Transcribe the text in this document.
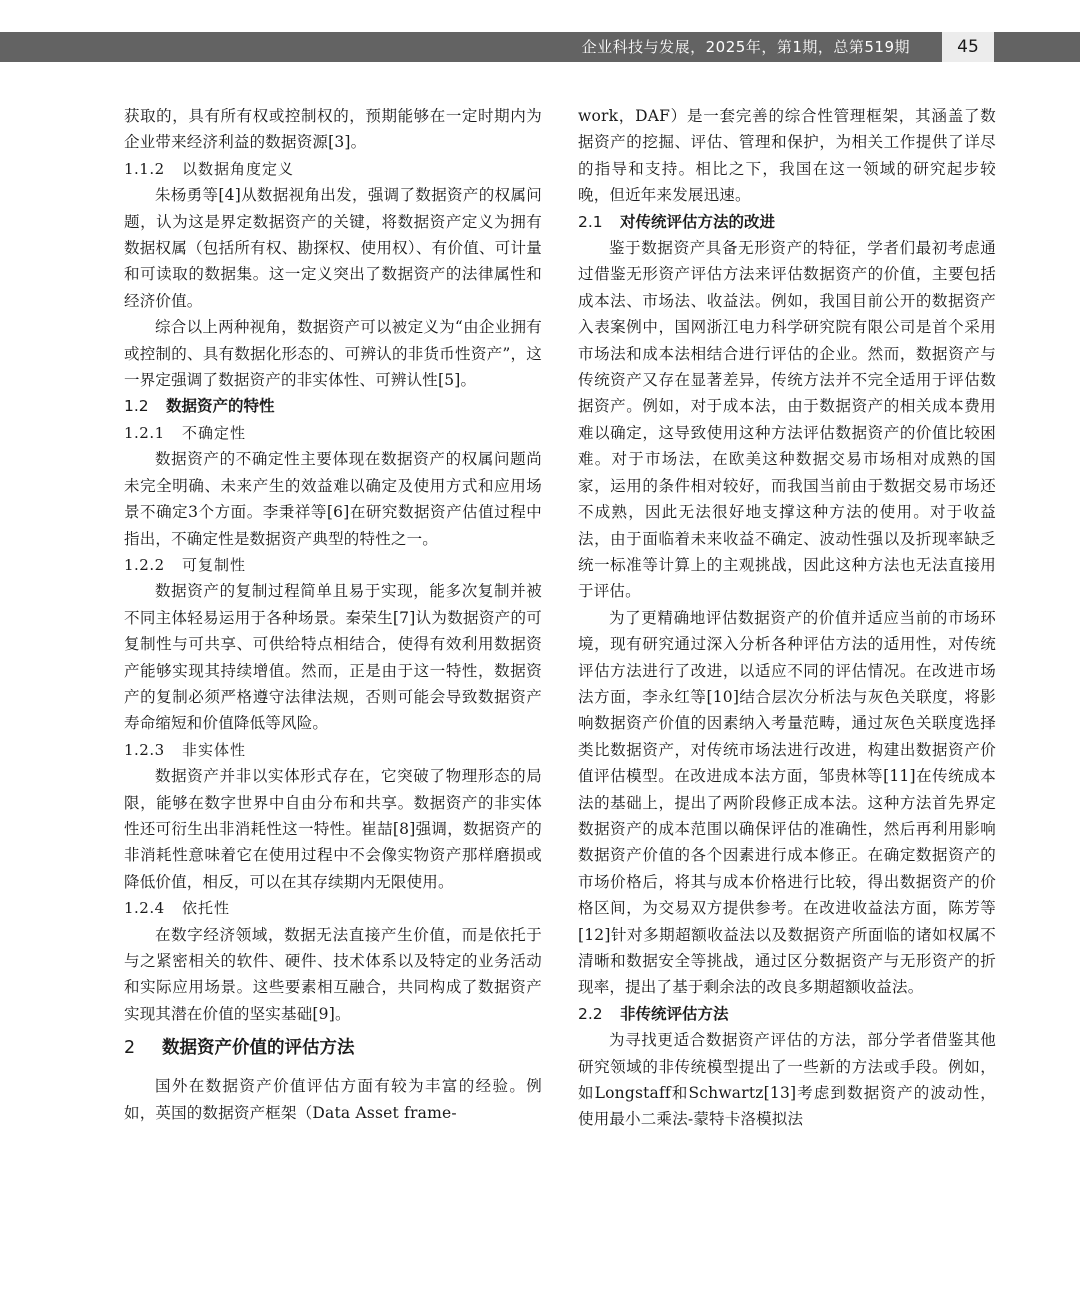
企业科技与发展，2025年，第1期，总第519期	45

获取的，具有所有权或控制权的，预期能够在一定时期内为企业带来经济利益的数据资源[3]。

1.1.2 以数据角度定义

朱杨勇等[4]从数据视角出发，强调了数据资产的权属问题，认为这是界定数据资产的关键，将数据资产定义为拥有数据权属（包括所有权、勘探权、使用权）、有价值、可计量和可读取的数据集。这一定义突出了数据资产的法律属性和经济价值。

综合以上两种视角，数据资产可以被定义为“由企业拥有或控制的、具有数据化形态的、可辨认的非货币性资产”，这一界定强调了数据资产的非实体性、可辨认性[5]。

1.2 数据资产的特性
1.2.1 不确定性

数据资产的不确定性主要体现在数据资产的权属问题尚未完全明确、未来产生的效益难以确定及使用方式和应用场景不确定3个方面。李秉祥等[6]在研究数据资产估值过程中指出，不确定性是数据资产典型的特性之一。

1.2.2 可复制性

数据资产的复制过程简单且易于实现，能多次复制并被不同主体轻易运用于各种场景。秦荣生[7]认为数据资产的可复制性与可共享、可供给特点相结合，使得有效利用数据资产能够实现其持续增值。然而，正是由于这一特性，数据资产的复制必须严格遵守法律法规，否则可能会导致数据资产寿命缩短和价值降低等风险。

1.2.3 非实体性

数据资产并非以实体形式存在，它突破了物理形态的局限，能够在数字世界中自由分布和共享。数据资产的非实体性还可衍生出非消耗性这一特性。崔喆[8]强调，数据资产的非消耗性意味着它在使用过程中不会像实物资产那样磨损或降低价值，相反，可以在其存续期内无限使用。

1.2.4 依托性

在数字经济领域，数据无法直接产生价值，而是依托于与之紧密相关的软件、硬件、技术体系以及特定的业务活动和实际应用场景。这些要素相互融合，共同构成了数据资产实现其潜在价值的坚实基础[9]。

2 数据资产价值的评估方法

国外在数据资产价值评估方面有较为丰富的经验。例如，英国的数据资产框架（Data Asset frame-

work，DAF）是一套完善的综合性管理框架，其涵盖了数据资产的挖掘、评估、管理和保护，为相关工作提供了详尽的指导和支持。相比之下，我国在这一领域的研究起步较晚，但近年来发展迅速。

2.1 对传统评估方法的改进

鉴于数据资产具备无形资产的特征，学者们最初考虑通过借鉴无形资产评估方法来评估数据资产的价值，主要包括成本法、市场法、收益法。例如，我国目前公开的数据资产入表案例中，国网浙江电力科学研究院有限公司是首个采用市场法和成本法相结合进行评估的企业。然而，数据资产与传统资产又存在显著差异，传统方法并不完全适用于评估数据资产。例如，对于成本法，由于数据资产的相关成本费用难以确定，这导致使用这种方法评估数据资产的价值比较困难。对于市场法，在欧美这种数据交易市场相对成熟的国家，运用的条件相对较好，而我国当前由于数据交易市场还不成熟，因此无法很好地支撑这种方法的使用。对于收益法，由于面临着未来收益不确定、波动性强以及折现率缺乏统一标准等计算上的主观挑战，因此这种方法也无法直接用于评估。

为了更精确地评估数据资产的价值并适应当前的市场环境，现有研究通过深入分析各种评估方法的适用性，对传统评估方法进行了改进，以适应不同的评估情况。在改进市场法方面，李永红等[10]结合层次分析法与灰色关联度，将影响数据资产价值的因素纳入考量范畴，通过灰色关联度选择类比数据资产，对传统市场法进行改进，构建出数据资产价值评估模型。在改进成本法方面，邹贵林等[11]在传统成本法的基础上，提出了两阶段修正成本法。这种方法首先界定数据资产的成本范围以确保评估的准确性，然后再利用影响数据资产价值的各个因素进行成本修正。在确定数据资产的市场价格后，将其与成本价格进行比较，得出数据资产的价格区间，为交易双方提供参考。在改进收益法方面，陈芳等[12]针对多期超额收益法以及数据资产所面临的诸如权属不清晰和数据安全等挑战，通过区分数据资产与无形资产的折现率，提出了基于剩余法的改良多期超额收益法。

2.2 非传统评估方法

为寻找更适合数据资产评估的方法，部分学者借鉴其他研究领域的非传统模型提出了一些新的方法或手段。例如，如Longstaff和Schwartz[13]考虑到数据资产的波动性，使用最小二乘法-蒙特卡洛模拟法
